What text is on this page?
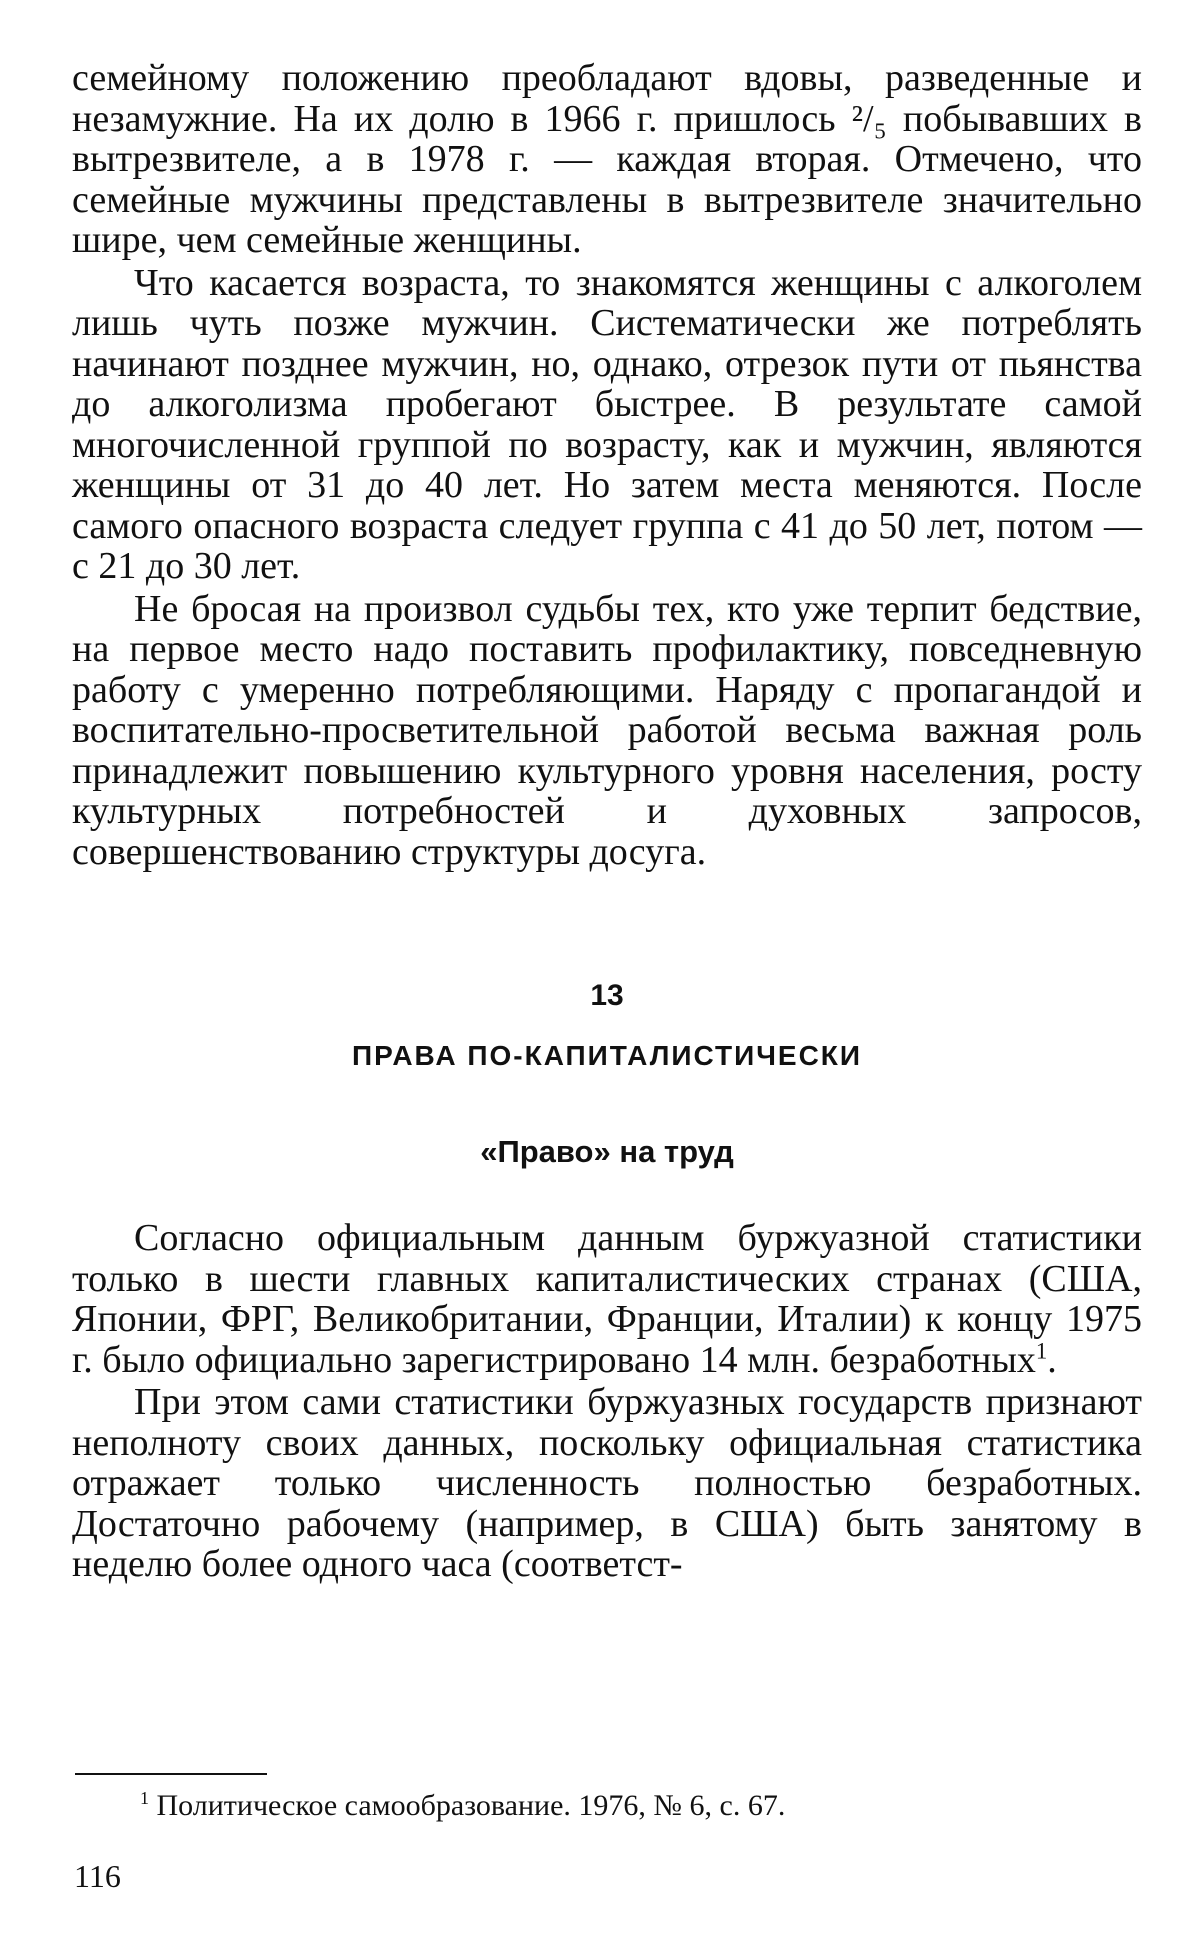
семейному положению преобладают вдовы, разведенные и незамужние. На их долю в 1966 г. пришлось ²/₅ побывавших в вытрезвителе, а в 1978 г. — каждая вторая. Отмечено, что семейные мужчины представлены в вытрезвителе значительно шире, чем семейные женщины.

Что касается возраста, то знакомятся женщины с алкоголем лишь чуть позже мужчин. Систематически же потреблять начинают позднее мужчин, но, однако, отрезок пути от пьянства до алкоголизма пробегают быстрее. В результате самой многочисленной группой по возрасту, как и мужчин, являются женщины от 31 до 40 лет. Но затем места меняются. После самого опасного возраста следует группа с 41 до 50 лет, потом — с 21 до 30 лет.

Не бросая на произвол судьбы тех, кто уже терпит бедствие, на первое место надо поставить профилактику, повседневную работу с умеренно потребляющими. Наряду с пропагандой и воспитательно-просветительной работой весьма важная роль принадлежит повышению культурного уровня населения, росту культурных потребностей и духовных запросов, совершенствованию структуры досуга.

13
ПРАВА ПО-КАПИТАЛИСТИЧЕСКИ
«Право» на труд

Согласно официальным данным буржуазной статистики только в шести главных капиталистических странах (США, Японии, ФРГ, Великобритании, Франции, Италии) к концу 1975 г. было официально зарегистрировано 14 млн. безработных$^1$.

При этом сами статистики буржуазных государств признают неполноту своих данных, поскольку официальная статистика отражает только численность полностью безработных. Достаточно рабочему (например, в США) быть занятому в неделю более одного часа (соответст-

$^1$ Политическое самообразование. 1976, № 6, с. 67.
116
